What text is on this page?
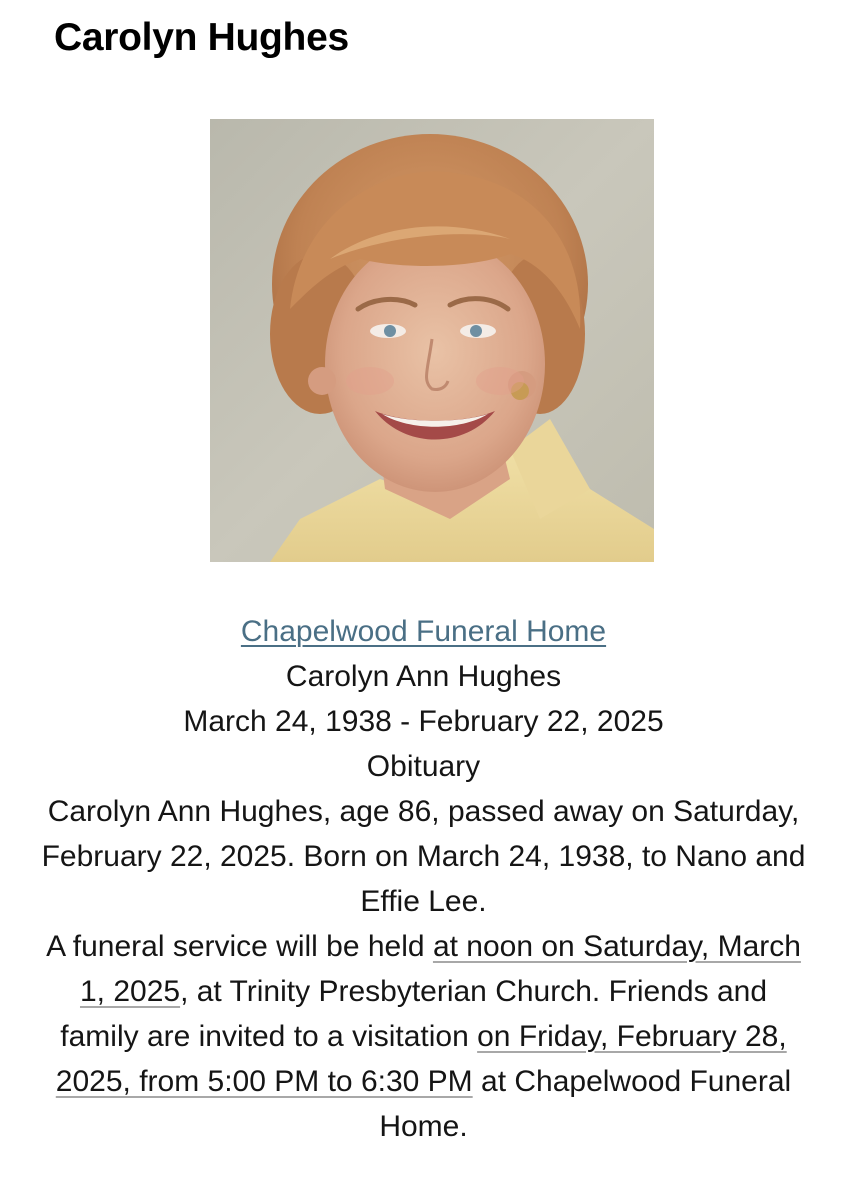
Carolyn Hughes

Chapelwood Funeral Home

Carolyn Ann Hughes

March 24, 1938 - February 22, 2025

Obituary

Carolyn Ann Hughes, age 86, passed away on Saturday, February 22, 2025. Born on March 24, 1938, to Nano and Effie Lee.

A funeral service will be held at noon on Saturday, March 1, 2025, at Trinity Presbyterian Church. Friends and family are invited to a visitation on Friday, February 28, 2025, from 5:00 PM to 6:30 PM at Chapelwood Funeral Home.
